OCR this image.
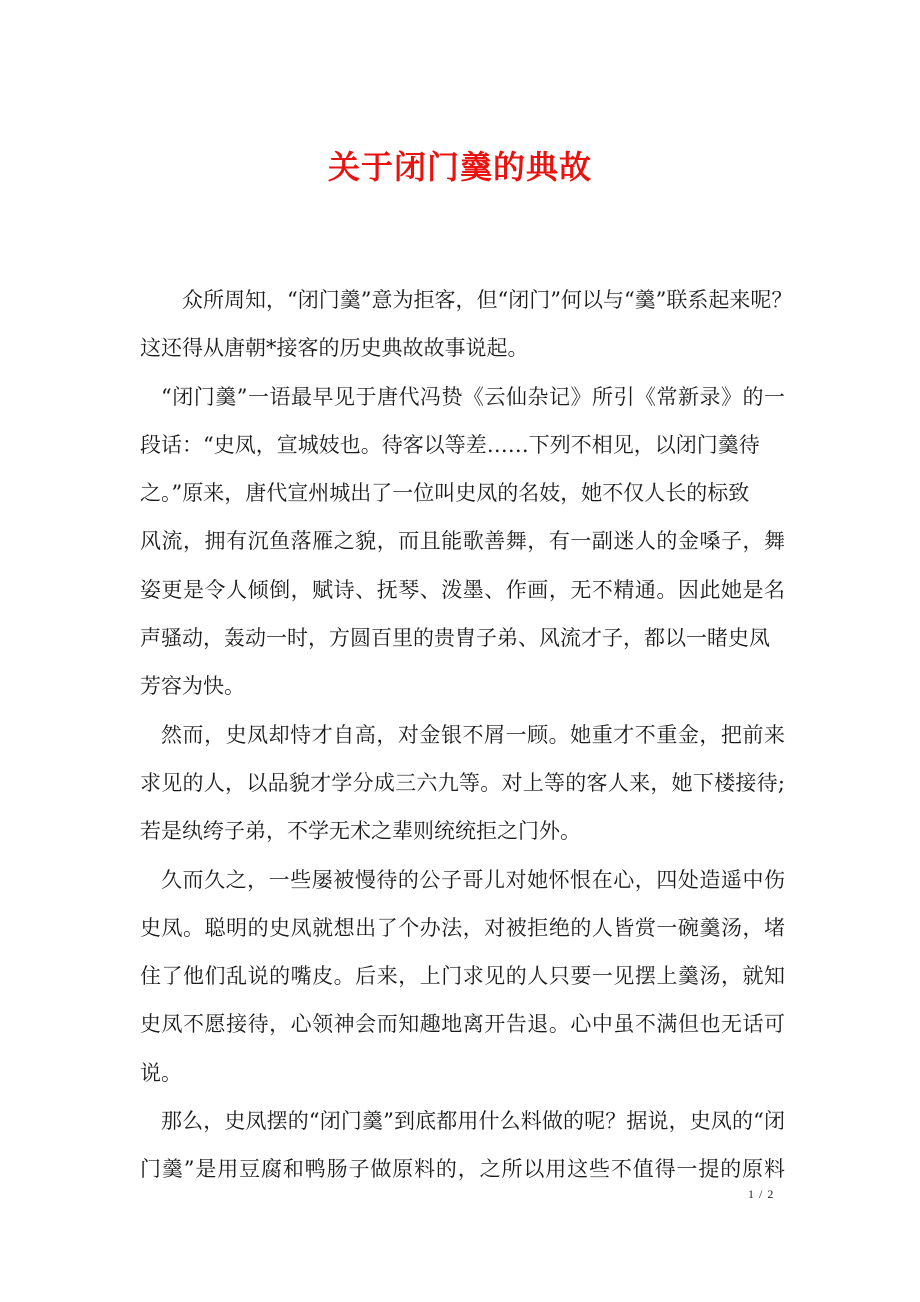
关于闭门羹的典故
众所周知，“闭门羹”意为拒客，但“闭门”何以与“羹”联系起来呢？
这还得从唐朝*接客的历史典故故事说起。
“闭门羹”一语最早见于唐代冯贽《云仙杂记》所引《常新录》的一
段话：“史凤，宣城妓也。待客以等差……下列不相见，以闭门羹待
之。”原来，唐代宣州城出了一位叫史凤的名妓，她不仅人长的标致
风流，拥有沉鱼落雁之貌，而且能歌善舞，有一副迷人的金嗓子，舞
姿更是令人倾倒，赋诗、抚琴、泼墨、作画，无不精通。因此她是名
声骚动，轰动一时，方圆百里的贵胄子弟、风流才子，都以一睹史凤
芳容为快。
然而，史凤却恃才自高，对金银不屑一顾。她重才不重金，把前来
求见的人，以品貌才学分成三六九等。对上等的客人来，她下楼接待;
若是纨绔子弟，不学无术之辈则统统拒之门外。
久而久之，一些屡被慢待的公子哥儿对她怀恨在心，四处造遥中伤
史凤。聪明的史凤就想出了个办法，对被拒绝的人皆赏一碗羹汤，堵
住了他们乱说的嘴皮。后来，上门求见的人只要一见摆上羹汤，就知
史凤不愿接待，心领神会而知趣地离开告退。心中虽不满但也无话可
说。
那么，史凤摆的“闭门羹”到底都用什么料做的呢？据说，史凤的“闭
门羹”是用豆腐和鸭肠子做原料的，之所以用这些不值得一提的原料
1 / 2
